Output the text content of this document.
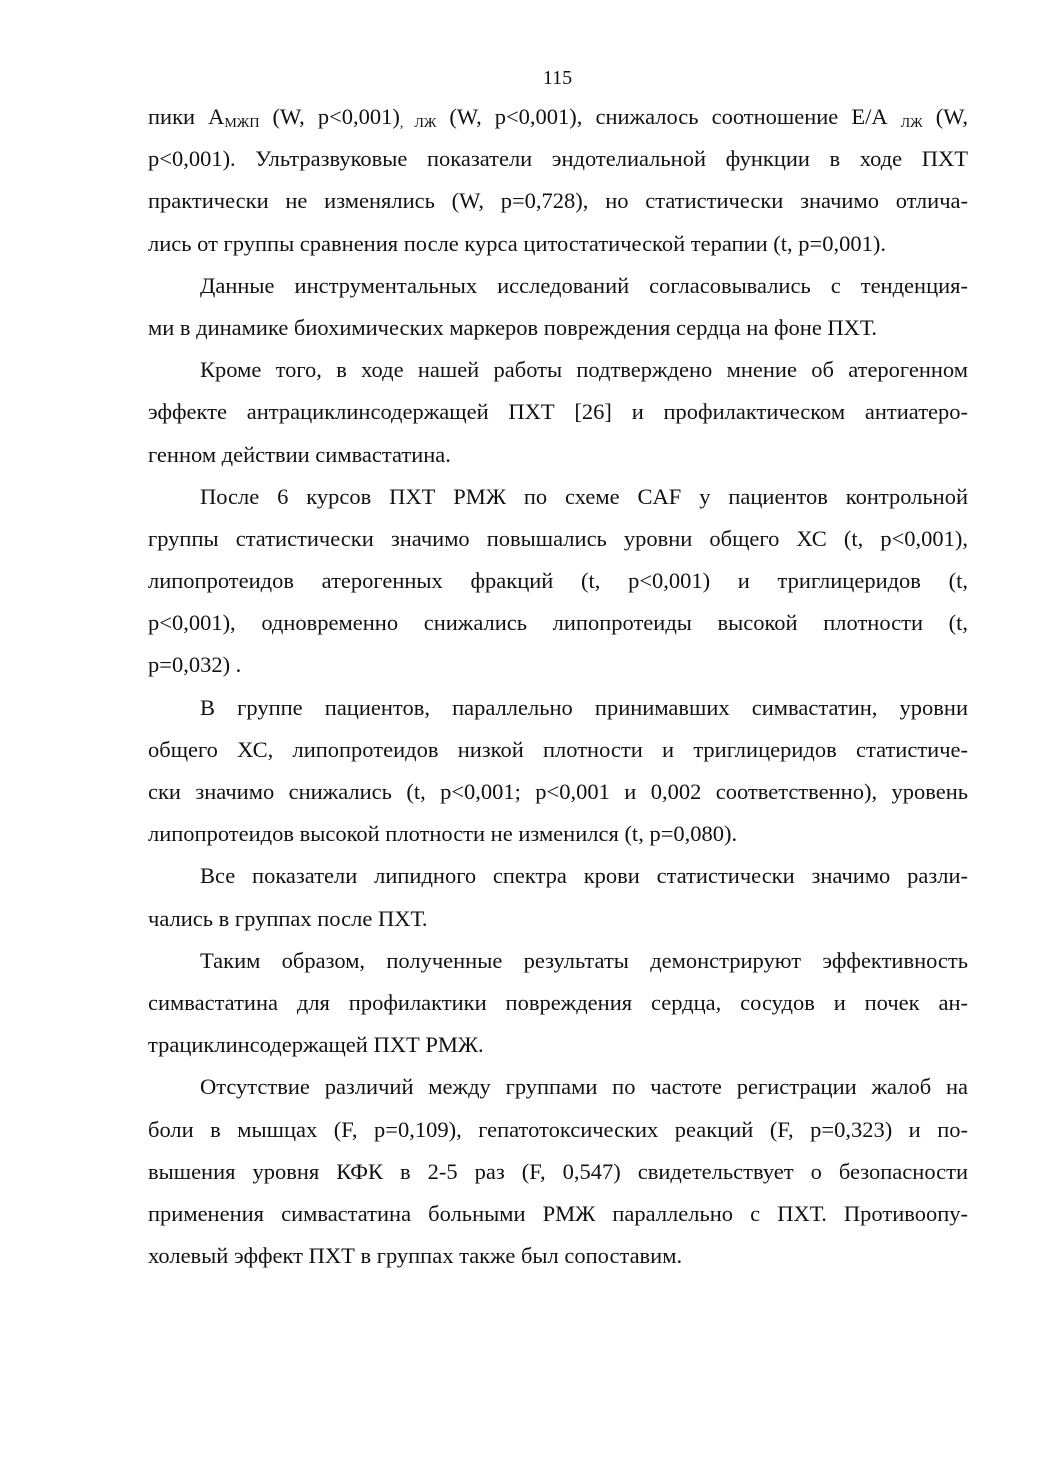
115
пики $А_{МЖП}$ (W, $p<0,001)_{, ЛЖ}$ (W, p<0,001), снижалось соотношение Е/А $_{ЛЖ}$ (W,
p<0,001). Ультразвуковые показатели эндотелиальной функции в ходе ПХТ
практически не изменялись (W, p=0,728), но статистически значимо отлича-
лись от группы сравнения после курса цитостатической терапии (t, p=0,001).
Данные инструментальных исследований согласовывались с тенденция-
ми в динамике биохимических маркеров повреждения сердца на фоне ПХТ.
Кроме того, в ходе нашей работы подтверждено мнение об атерогенном
эффекте антрациклинсодержащей ПХТ [26] и профилактическом антиатеро-
генном действии симвастатина.
После 6 курсов ПХТ РМЖ по схеме CAF у пациентов контрольной
группы статистически значимо повышались уровни общего ХС (t, p<0,001),
липопротеидов атерогенных фракций (t, p<0,001) и триглицеридов (t,
p<0,001), одновременно снижались липопротеиды высокой плотности (t,
p=0,032) .
В группе пациентов, параллельно принимавших симвастатин, уровни
общего ХС, липопротеидов низкой плотности и триглицеридов статистиче-
ски значимо снижались (t, p<0,001; p<0,001 и 0,002 соответственно), уровень
липопротеидов высокой плотности не изменился (t, p=0,080).
Все показатели липидного спектра крови статистически значимо разли-
чались в группах после ПХТ.
Таким образом, полученные результаты демонстрируют эффективность
симвастатина для профилактики повреждения сердца, сосудов и почек ан-
трациклинсодержащей ПХТ РМЖ.
Отсутствие различий между группами по частоте регистрации жалоб на
боли в мышцах (F, p=0,109), гепатотоксических реакций (F, p=0,323) и по-
вышения уровня КФК в 2-5 раз (F, 0,547) свидетельствует о безопасности
применения симвастатина больными РМЖ параллельно с ПХТ. Противоопу-
холевый эффект ПХТ в группах также был сопоставим.
